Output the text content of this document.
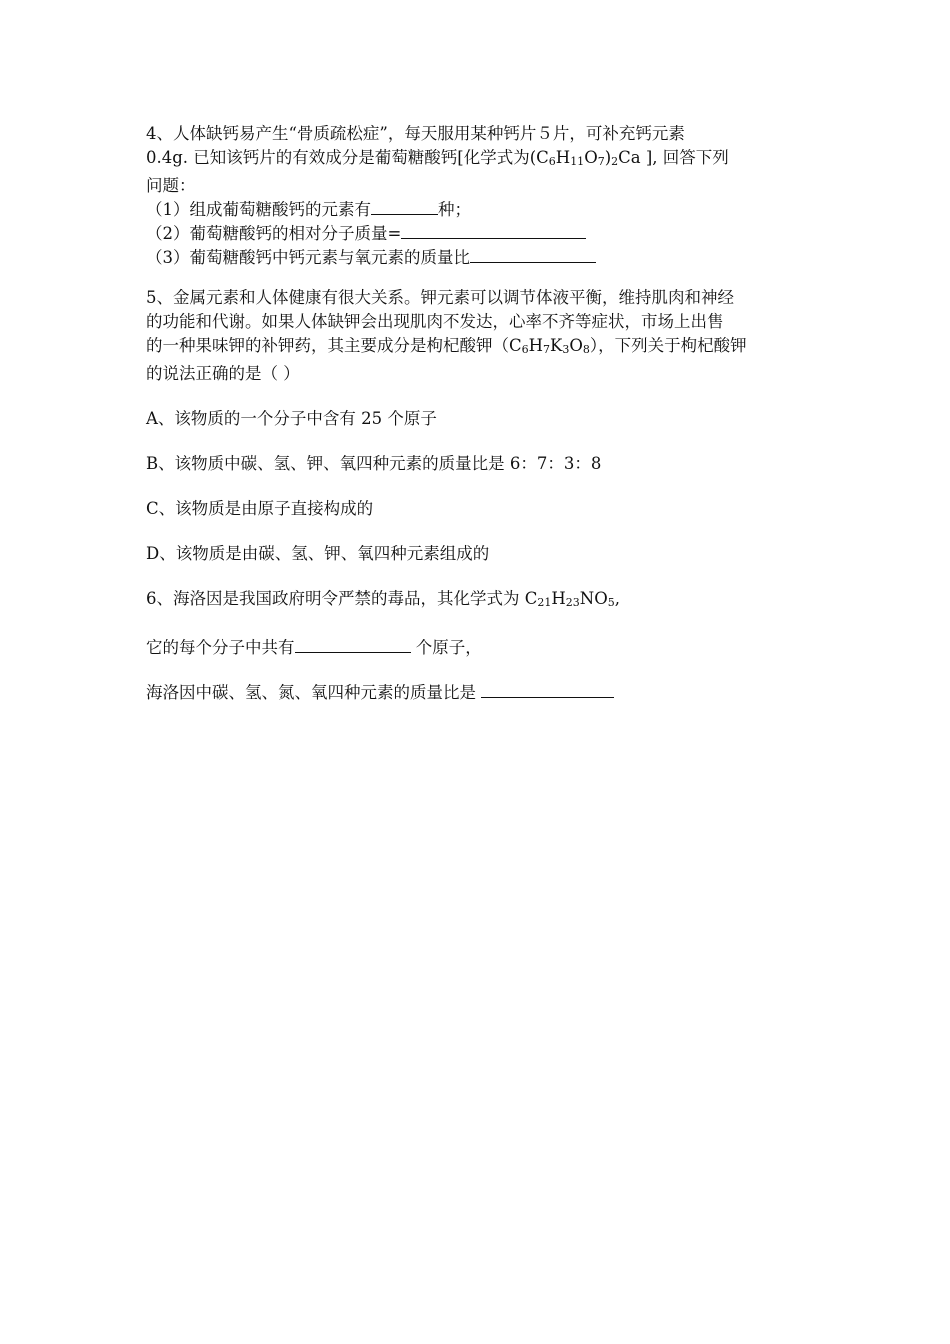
4、人体缺钙易产生“骨质疏松症”，每天服用某种钙片５片，可补充钙元素

0.4g. 已知该钙片的有效成分是葡萄糖酸钙[化学式为(C6H11O7)2Ca ], 回答下列

问题：

（1）组成葡萄糖酸钙的元素有	种；

（2）葡萄糖酸钙的相对分子质量=

（3）葡萄糖酸钙中钙元素与氧元素的质量比

5、金属元素和人体健康有很大关系。钾元素可以调节体液平衡，维持肌肉和神经

的功能和代谢。如果人体缺钾会出现肌肉不发达，心率不齐等症状，市场上出售

的一种果味钾的补钾药，其主要成分是枸杞酸钾（C6H7K3O8），下列关于枸杞酸钾

的说法正确的是（ ）

A、该物质的一个分子中含有 25 个原子

B、该物质中碳、氢、钾、氧四种元素的质量比是 6：7：3：8

C、该物质是由原子直接构成的

D、该物质是由碳、氢、钾、氧四种元素组成的

6、海洛因是我国政府明令严禁的毒品，其化学式为 C21H23NO5,

它的每个分子中共有	个原子，

海洛因中碳、氢、氮、氧四种元素的质量比是
